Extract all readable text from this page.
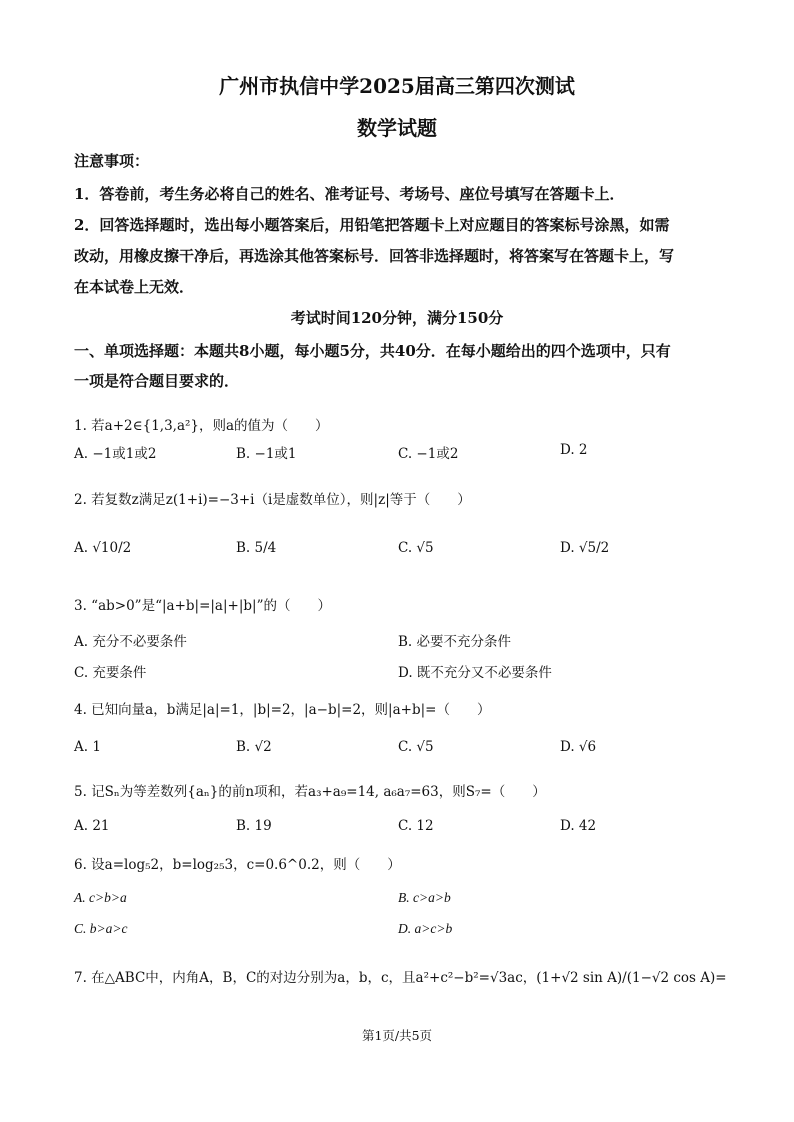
广州市执信中学2025届高三第四次测试
数学试题
注意事项：
1．答卷前，考生务必将自己的姓名、准考证号、考场号、座位号填写在答题卡上．
2．回答选择题时，选出每小题答案后，用铅笔把答题卡上对应题目的答案标号涂黑，如需
改动，用橡皮擦干净后，再选涂其他答案标号．回答非选择题时，将答案写在答题卡上，写
在本试卷上无效．
考试时间120分钟，满分150分
一、单项选择题：本题共8小题，每小题5分，共40分．在每小题给出的四个选项中，只有
一项是符合题目要求的．
1. 若a+2∈{1,3,a²}，则a的值为（　　）
A. −1或1或2	B. −1或1	C. −1或2	D. 2
2. 若复数z满足z(1+i)=−3+i（i是虚数单位），则|z|等于（　　）
A. √10/2	B. 5/4	C. √5	D. √5/2
3. “ab>0”是“|a+b|=|a|+|b|”的（　　）
A. 充分不必要条件	B. 必要不充分条件
C. 充要条件	D. 既不充分又不必要条件
4. 已知向量a，b满足|a|=1，|b|=2，|a−b|=2，则|a+b|=（　　）
A. 1	B. √2	C. √5	D. √6
5. 记Sₙ为等差数列{aₙ}的前n项和，若a₃+a₉=14, a₆a₇=63，则S₇=（　　）
A. 21	B. 19	C. 12	D. 42
6. 设a=log₅2，b=log₂₅3，c=0.6^0.2，则（　　）
A. c>b>a	B. c>a>b
C. b>a>c	D. a>c>b
7. 在△ABC中，内角A，B，C的对边分别为a，b，c，且a²+c²−b²=√3ac，(1+√2 sin A)/(1−√2 cos A)=
第1页/共5页
